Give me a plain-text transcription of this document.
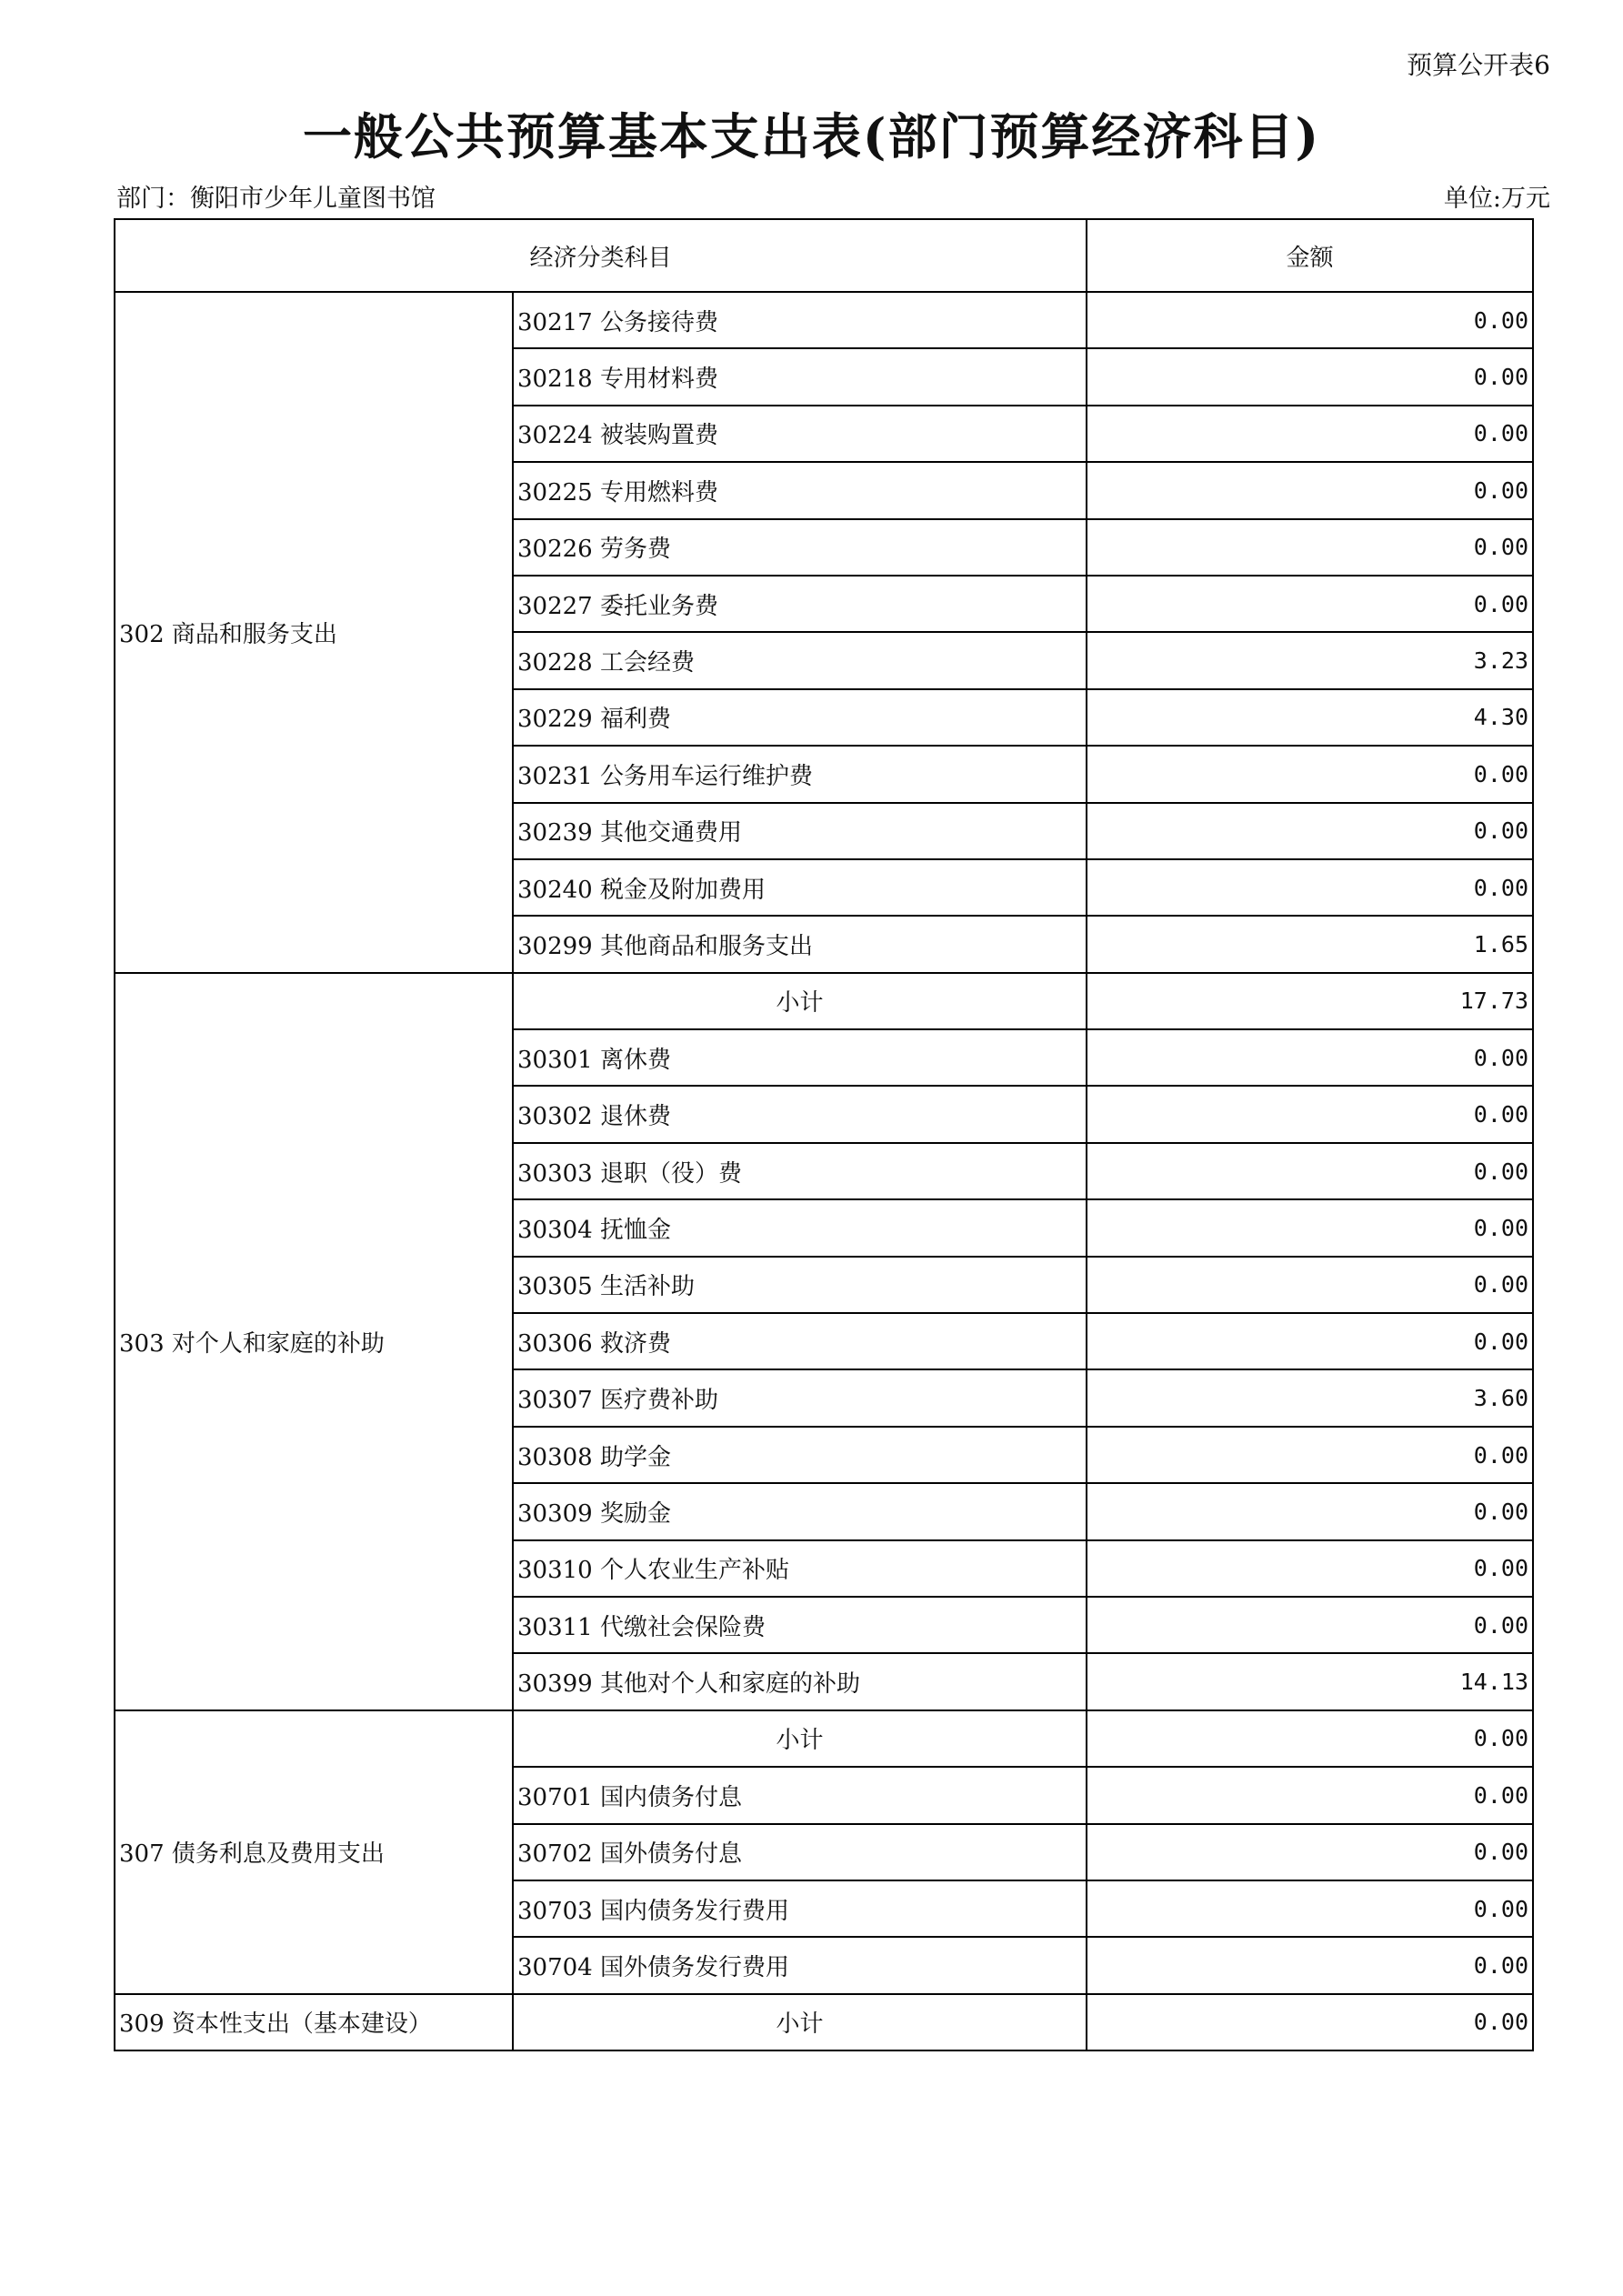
预算公开表6
一般公共预算基本支出表(部门预算经济科目)
部门：衡阳市少年儿童图书馆	单位:万元
经济分类科目		金额
302 商品和服务支出	30217 公务接待费	0.00
	30218 专用材料费	0.00
	30224 被装购置费	0.00
	30225 专用燃料费	0.00
	30226 劳务费	0.00
	30227 委托业务费	0.00
	30228 工会经费	3.23
	30229 福利费	4.30
	30231 公务用车运行维护费	0.00
	30239 其他交通费用	0.00
	30240 税金及附加费用	0.00
	30299 其他商品和服务支出	1.65
303 对个人和家庭的补助	小计	17.73
	30301 离休费	0.00
	30302 退休费	0.00
	30303 退职（役）费	0.00
	30304 抚恤金	0.00
	30305 生活补助	0.00
	30306 救济费	0.00
	30307 医疗费补助	3.60
	30308 助学金	0.00
	30309 奖励金	0.00
	30310 个人农业生产补贴	0.00
	30311 代缴社会保险费	0.00
	30399 其他对个人和家庭的补助	14.13
307 债务利息及费用支出	小计	0.00
	30701 国内债务付息	0.00
	30702 国外债务付息	0.00
	30703 国内债务发行费用	0.00
	30704 国外债务发行费用	0.00
309 资本性支出（基本建设）	小计	0.00
